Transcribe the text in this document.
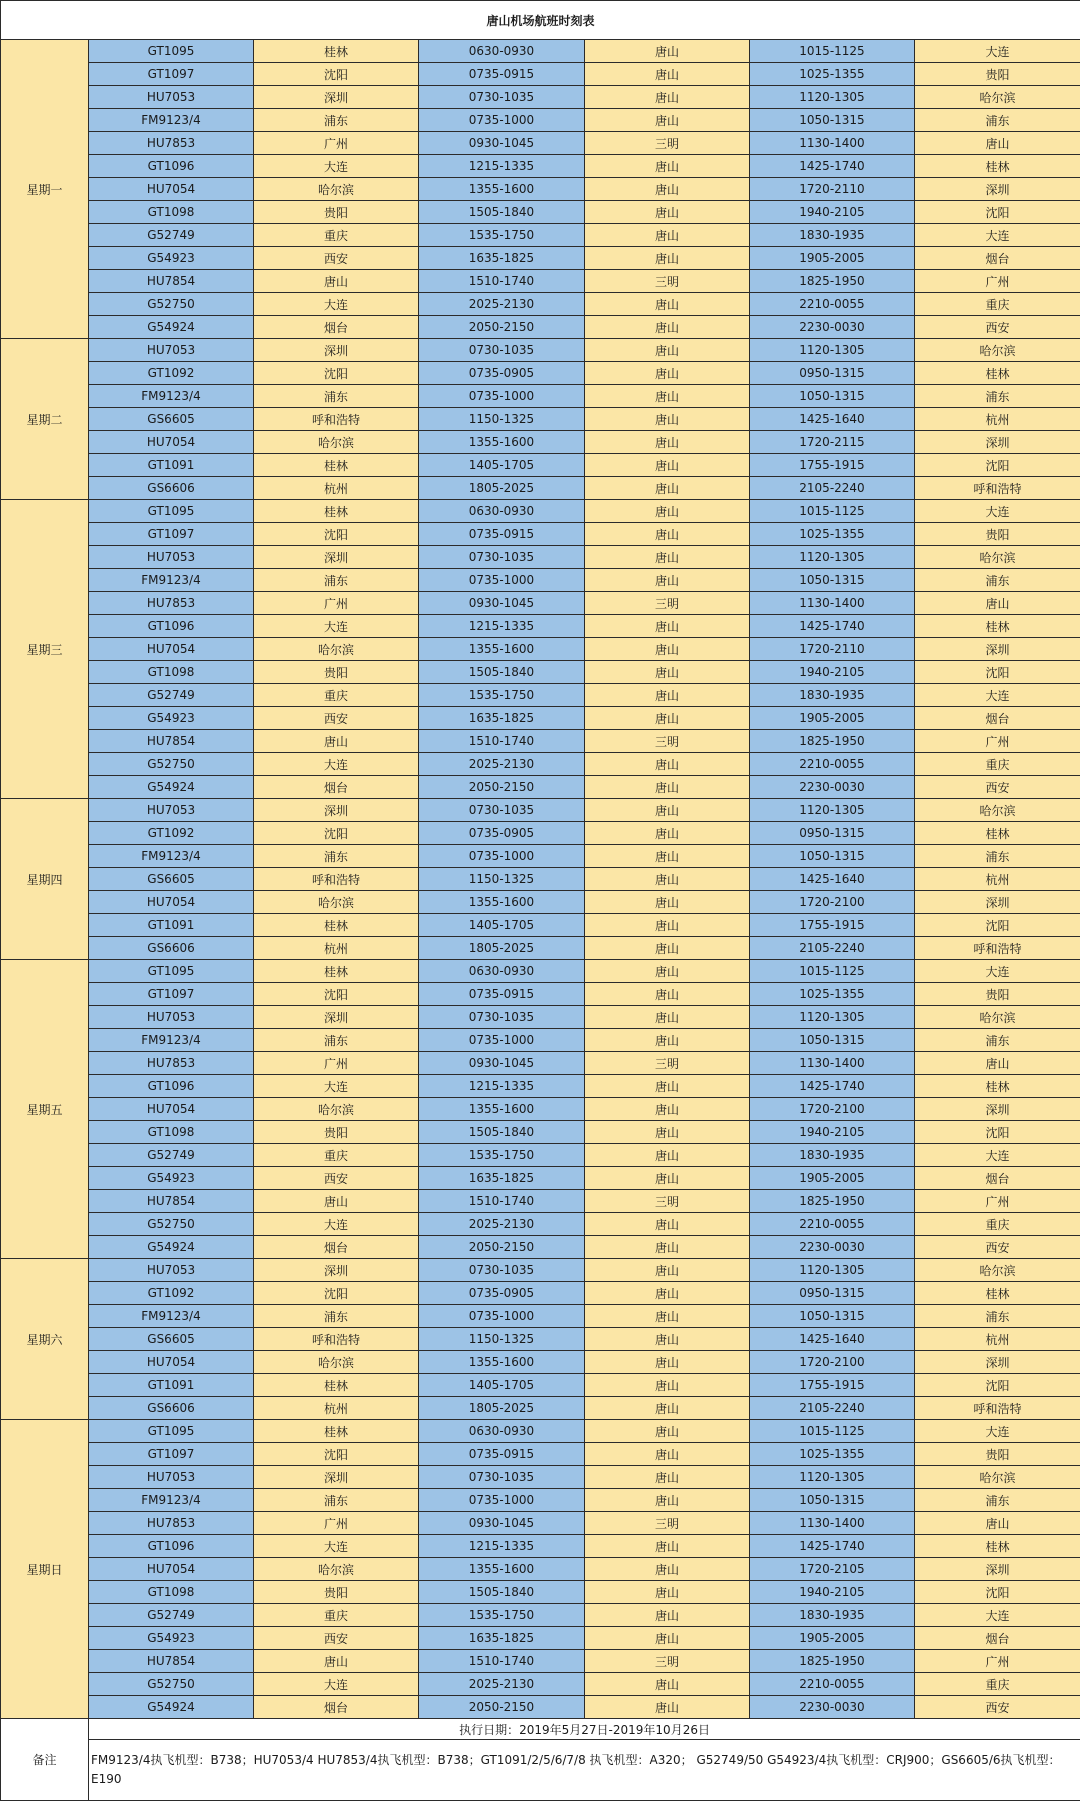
唐山机场航班时刻表						
星期一	GT1095	桂林	0630-0930	唐山	1015-1125	大连
	GT1097	沈阳	0735-0915	唐山	1025-1355	贵阳
	HU7053	深圳	0730-1035	唐山	1120-1305	哈尔滨
	FM9123/4	浦东	0735-1000	唐山	1050-1315	浦东
	HU7853	广州	0930-1045	三明	1130-1400	唐山
	GT1096	大连	1215-1335	唐山	1425-1740	桂林
	HU7054	哈尔滨	1355-1600	唐山	1720-2110	深圳
	GT1098	贵阳	1505-1840	唐山	1940-2105	沈阳
	G52749	重庆	1535-1750	唐山	1830-1935	大连
	G54923	西安	1635-1825	唐山	1905-2005	烟台
	HU7854	唐山	1510-1740	三明	1825-1950	广州
	G52750	大连	2025-2130	唐山	2210-0055	重庆
	G54924	烟台	2050-2150	唐山	2230-0030	西安
星期二	HU7053	深圳	0730-1035	唐山	1120-1305	哈尔滨
	GT1092	沈阳	0735-0905	唐山	0950-1315	桂林
	FM9123/4	浦东	0735-1000	唐山	1050-1315	浦东
	GS6605	呼和浩特	1150-1325	唐山	1425-1640	杭州
	HU7054	哈尔滨	1355-1600	唐山	1720-2115	深圳
	GT1091	桂林	1405-1705	唐山	1755-1915	沈阳
	GS6606	杭州	1805-2025	唐山	2105-2240	呼和浩特
星期三	GT1095	桂林	0630-0930	唐山	1015-1125	大连
	GT1097	沈阳	0735-0915	唐山	1025-1355	贵阳
	HU7053	深圳	0730-1035	唐山	1120-1305	哈尔滨
	FM9123/4	浦东	0735-1000	唐山	1050-1315	浦东
	HU7853	广州	0930-1045	三明	1130-1400	唐山
	GT1096	大连	1215-1335	唐山	1425-1740	桂林
	HU7054	哈尔滨	1355-1600	唐山	1720-2110	深圳
	GT1098	贵阳	1505-1840	唐山	1940-2105	沈阳
	G52749	重庆	1535-1750	唐山	1830-1935	大连
	G54923	西安	1635-1825	唐山	1905-2005	烟台
	HU7854	唐山	1510-1740	三明	1825-1950	广州
	G52750	大连	2025-2130	唐山	2210-0055	重庆
	G54924	烟台	2050-2150	唐山	2230-0030	西安
星期四	HU7053	深圳	0730-1035	唐山	1120-1305	哈尔滨
	GT1092	沈阳	0735-0905	唐山	0950-1315	桂林
	FM9123/4	浦东	0735-1000	唐山	1050-1315	浦东
	GS6605	呼和浩特	1150-1325	唐山	1425-1640	杭州
	HU7054	哈尔滨	1355-1600	唐山	1720-2100	深圳
	GT1091	桂林	1405-1705	唐山	1755-1915	沈阳
	GS6606	杭州	1805-2025	唐山	2105-2240	呼和浩特
星期五	GT1095	桂林	0630-0930	唐山	1015-1125	大连
	GT1097	沈阳	0735-0915	唐山	1025-1355	贵阳
	HU7053	深圳	0730-1035	唐山	1120-1305	哈尔滨
	FM9123/4	浦东	0735-1000	唐山	1050-1315	浦东
	HU7853	广州	0930-1045	三明	1130-1400	唐山
	GT1096	大连	1215-1335	唐山	1425-1740	桂林
	HU7054	哈尔滨	1355-1600	唐山	1720-2100	深圳
	GT1098	贵阳	1505-1840	唐山	1940-2105	沈阳
	G52749	重庆	1535-1750	唐山	1830-1935	大连
	G54923	西安	1635-1825	唐山	1905-2005	烟台
	HU7854	唐山	1510-1740	三明	1825-1950	广州
	G52750	大连	2025-2130	唐山	2210-0055	重庆
	G54924	烟台	2050-2150	唐山	2230-0030	西安
星期六	HU7053	深圳	0730-1035	唐山	1120-1305	哈尔滨
	GT1092	沈阳	0735-0905	唐山	0950-1315	桂林
	FM9123/4	浦东	0735-1000	唐山	1050-1315	浦东
	GS6605	呼和浩特	1150-1325	唐山	1425-1640	杭州
	HU7054	哈尔滨	1355-1600	唐山	1720-2100	深圳
	GT1091	桂林	1405-1705	唐山	1755-1915	沈阳
	GS6606	杭州	1805-2025	唐山	2105-2240	呼和浩特
星期日	GT1095	桂林	0630-0930	唐山	1015-1125	大连
	GT1097	沈阳	0735-0915	唐山	1025-1355	贵阳
	HU7053	深圳	0730-1035	唐山	1120-1305	哈尔滨
	FM9123/4	浦东	0735-1000	唐山	1050-1315	浦东
	HU7853	广州	0930-1045	三明	1130-1400	唐山
	GT1096	大连	1215-1335	唐山	1425-1740	桂林
	HU7054	哈尔滨	1355-1600	唐山	1720-2105	深圳
	GT1098	贵阳	1505-1840	唐山	1940-2105	沈阳
	G52749	重庆	1535-1750	唐山	1830-1935	大连
	G54923	西安	1635-1825	唐山	1905-2005	烟台
	HU7854	唐山	1510-1740	三明	1825-1950	广州
	G52750	大连	2025-2130	唐山	2210-0055	重庆
	G54924	烟台	2050-2150	唐山	2230-0030	西安
备注	执行日期：2019年5月27日-2019年10月26日					
	FM9123/4执飞机型：B738；HU7053/4 HU7853/4执飞机型：B738；GT1091/2/5/6/7/8 执飞机型：A320； G52749/50 G54923/4执飞机型：CRJ900；GS6605/6执飞机型：E190					
